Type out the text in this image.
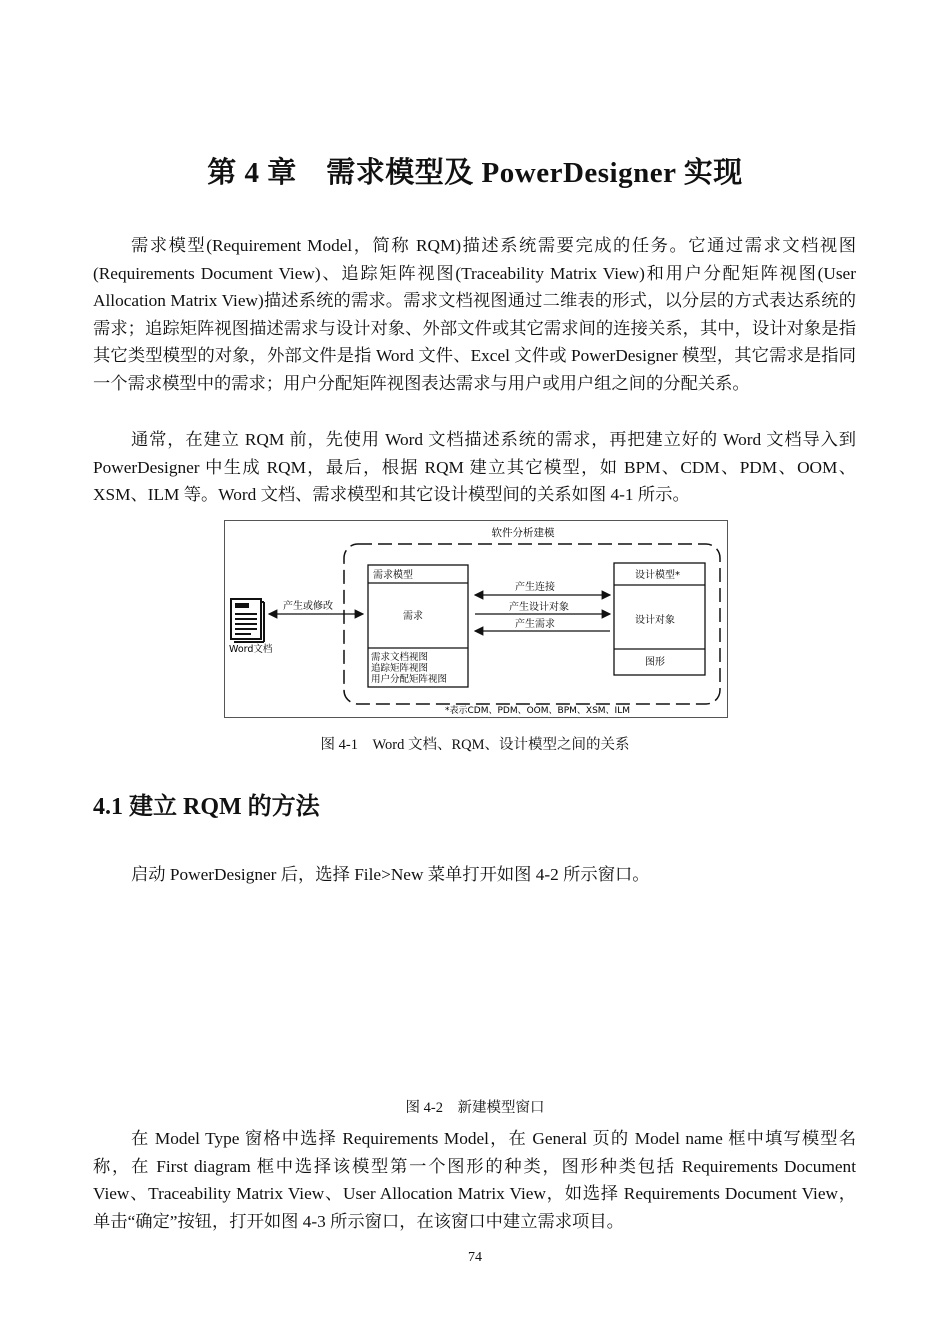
第 4 章　需求模型及 PowerDesigner 实现

需求模型(Requirement Model，简称 RQM)描述系统需要完成的任务。它通过需求文档视图 (Requirements Document View)、追踪矩阵视图(Traceability Matrix View)和用户分配矩阵视图(User Allocation Matrix View)描述系统的需求。需求文档视图通过二维表的形式，以分层的方式表达系统的需求；追踪矩阵视图描述需求与设计对象、外部文件或其它需求间的连接关系，其中，设计对象是指其它类型模型的对象，外部文件是指 Word 文件、Excel 文件或 PowerDesigner 模型，其它需求是指同一个需求模型中的需求；用户分配矩阵视图表达需求与用户或用户组之间的分配关系。

通常，在建立 RQM 前，先使用 Word 文档描述系统的需求，再把建立好的 Word 文档导入到 PowerDesigner 中生成 RQM，最后，根据 RQM 建立其它模型，如 BPM、CDM、PDM、OOM、XSM、ILM 等。Word 文档、需求模型和其它设计模型间的关系如图 4-1 所示。

软件分析建模
Word文档
产生或修改
需求模型
需求
需求文档视图
追踪矩阵视图
用户分配矩阵视图
产生连接
产生设计对象
产生需求
设计模型*
设计对象
图形
*表示CDM、PDM、OOM、BPM、XSM、ILM

图 4-1　Word 文档、RQM、设计模型之间的关系

4.1 建立 RQM 的方法

启动 PowerDesigner 后，选择 File>New 菜单打开如图 4-2 所示窗口。

图 4-2　新建模型窗口

在 Model Type 窗格中选择 Requirements Model，在 General 页的 Model name 框中填写模型名称，在 First diagram 框中选择该模型第一个图形的种类，图形种类包括 Requirements Document View、Traceability Matrix View、User Allocation Matrix View，如选择 Requirements Document View，单击“确定”按钮，打开如图 4-3 所示窗口，在该窗口中建立需求项目。

74
